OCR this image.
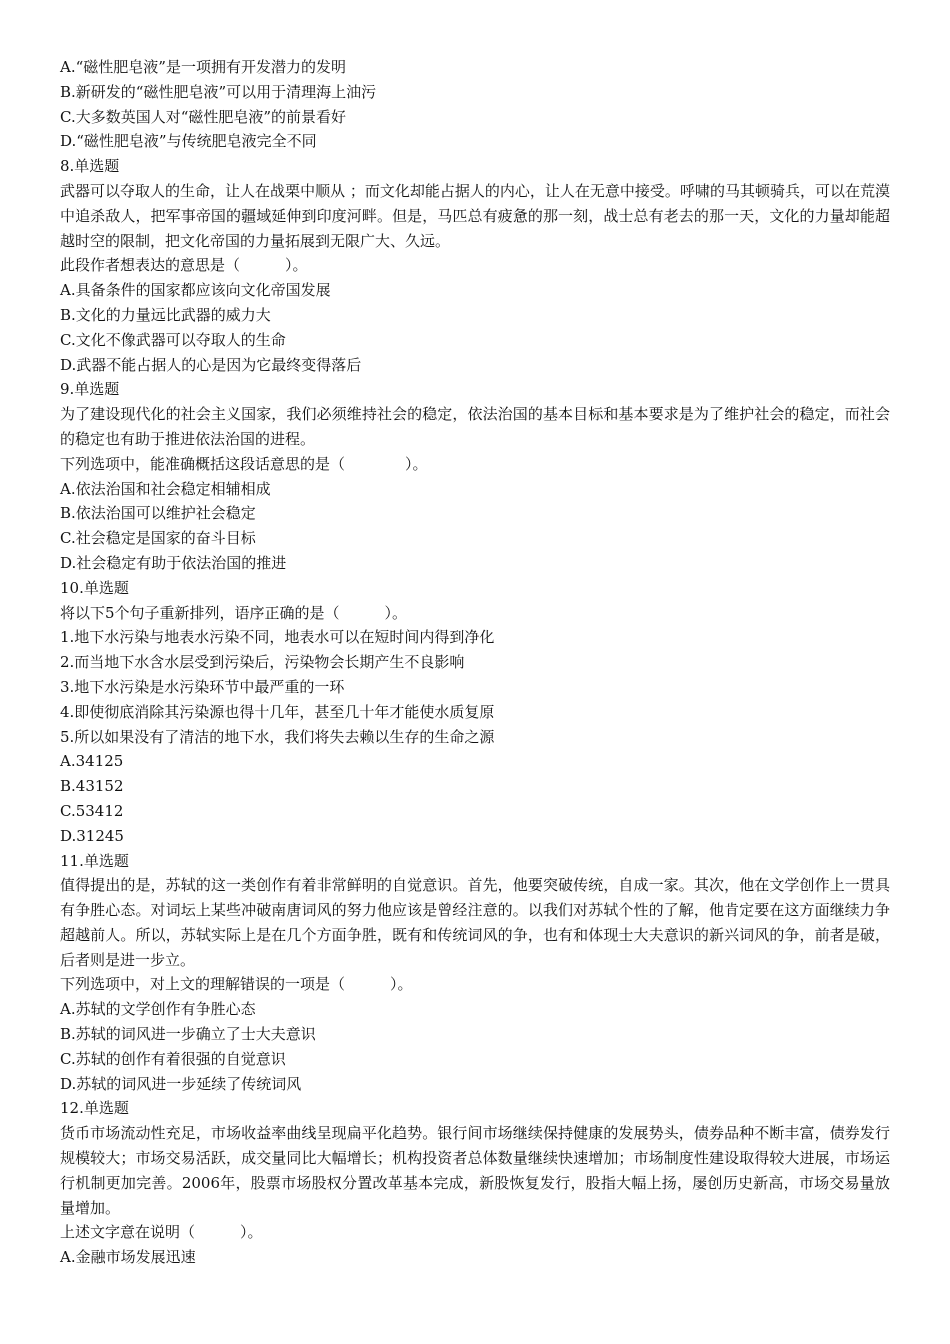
A.“磁性肥皂液”是一项拥有开发潜力的发明

B.新研发的“磁性肥皂液”可以用于清理海上油污

C.大多数英国人对“磁性肥皂液”的前景看好

D.“磁性肥皂液”与传统肥皂液完全不同

8.单选题

武器可以夺取人的生命，让人在战栗中顺从 ；而文化却能占据人的内心，让人在无意中接受。呼啸的马其顿骑兵，可以在荒漠中追杀敌人，把军事帝国的疆域延伸到印度河畔。但是，马匹总有疲惫的那一刻，战士总有老去的那一天，文化的力量却能超越时空的限制，把文化帝国的力量拓展到无限广大、久远。

此段作者想表达的意思是（　　　）。

A.具备条件的国家都应该向文化帝国发展

B.文化的力量远比武器的威力大

C.文化不像武器可以夺取人的生命

D.武器不能占据人的心是因为它最终变得落后

9.单选题

为了建设现代化的社会主义国家，我们必须维持社会的稳定，依法治国的基本目标和基本要求是为了维护社会的稳定，而社会的稳定也有助于推进依法治国的进程。

下列选项中，能准确概括这段话意思的是（　　　　）。

A.依法治国和社会稳定相辅相成

B.依法治国可以维护社会稳定

C.社会稳定是国家的奋斗目标

D.社会稳定有助于依法治国的推进

10.单选题

将以下5个句子重新排列，语序正确的是（　　　）。

1.地下水污染与地表水污染不同，地表水可以在短时间内得到净化

2.而当地下水含水层受到污染后，污染物会长期产生不良影响

3.地下水污染是水污染环节中最严重的一环

4.即使彻底消除其污染源也得十几年，甚至几十年才能使水质复原

5.所以如果没有了清洁的地下水，我们将失去赖以生存的生命之源

A.34125

B.43152

C.53412

D.31245

11.单选题

值得提出的是，苏轼的这一类创作有着非常鲜明的自觉意识。首先，他要突破传统，自成一家。其次，他在文学创作上一贯具有争胜心态。对词坛上某些冲破南唐词风的努力他应该是曾经注意的。以我们对苏轼个性的了解，他肯定要在这方面继续力争超越前人。所以，苏轼实际上是在几个方面争胜，既有和传统词风的争，也有和体现士大夫意识的新兴词风的争，前者是破，后者则是进一步立。

下列选项中，对上文的理解错误的一项是（　　　）。

A.苏轼的文学创作有争胜心态

B.苏轼的词风进一步确立了士大夫意识

C.苏轼的创作有着很强的自觉意识

D.苏轼的词风进一步延续了传统词风

12.单选题

货币市场流动性充足，市场收益率曲线呈现扁平化趋势。银行间市场继续保持健康的发展势头，债券品种不断丰富，债券发行规模较大；市场交易活跃，成交量同比大幅增长；机构投资者总体数量继续快速增加；市场制度性建设取得较大进展，市场运行机制更加完善。2006年，股票市场股权分置改革基本完成，新股恢复发行，股指大幅上扬，屡创历史新高，市场交易量放量增加。

上述文字意在说明（　　　）。

A.金融市场发展迅速
